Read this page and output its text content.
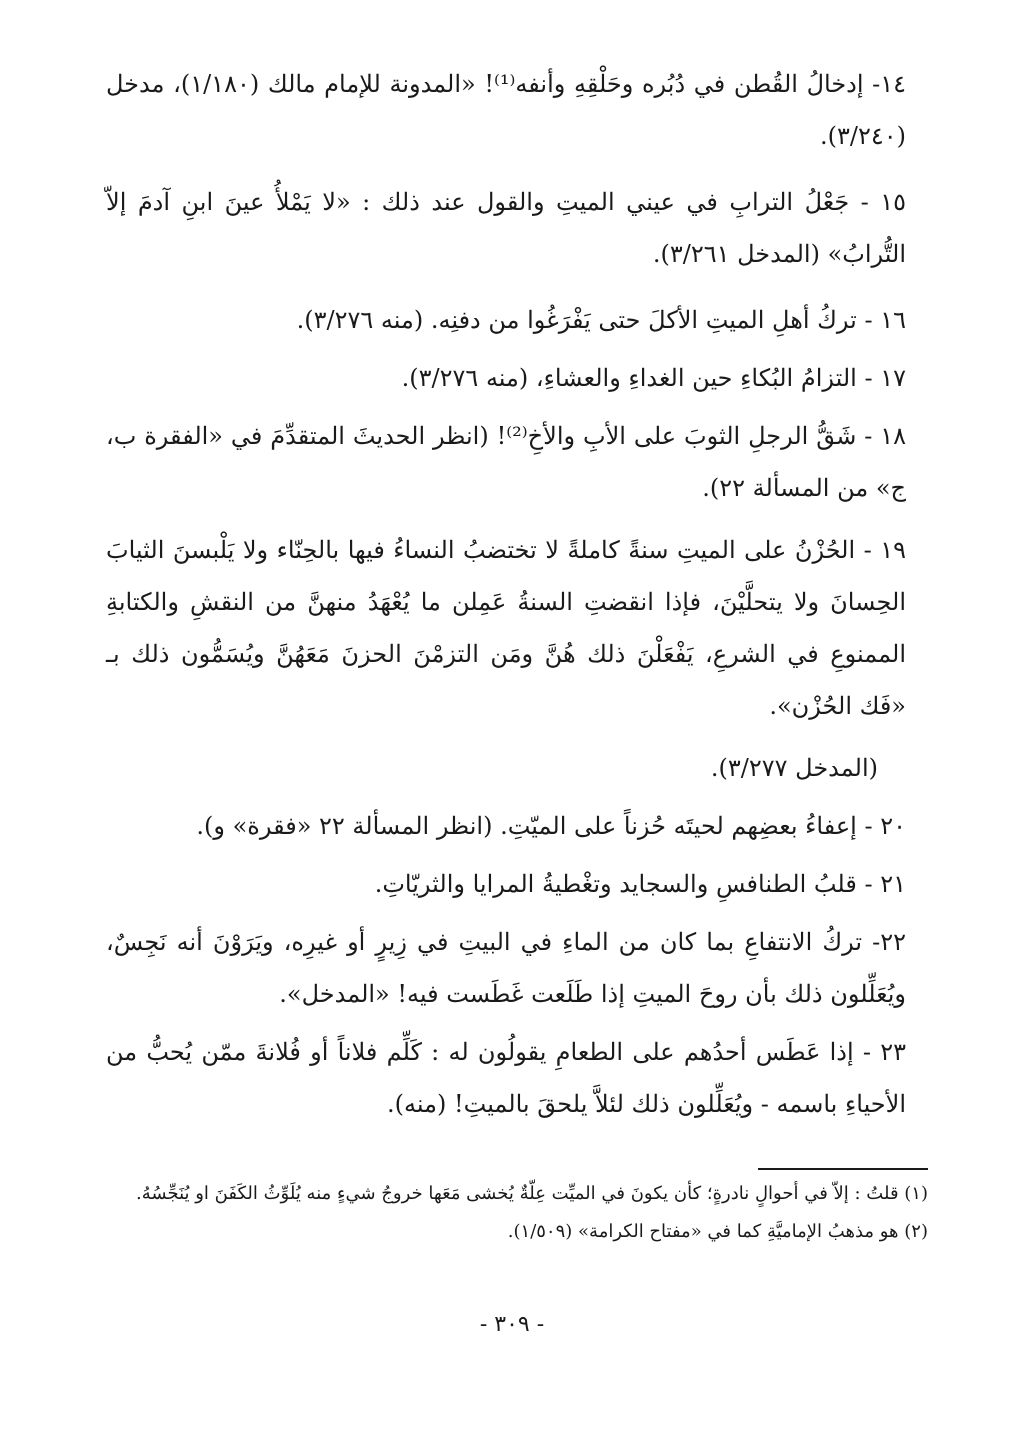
١٤- إدخالُ القُطن في دُبُره وحَلْقِهِ وأنفه⁽¹⁾! «المدونة للإمام مالك (١/١٨٠)، مدخل (٣/٢٤٠).

١٥ - جَعْلُ الترابِ في عيني الميتِ والقول عند ذلك : «لا يَمْلأُ عينَ ابنِ آدمَ إلاّ التُّرابُ» (المدخل ٣/٢٦١).

١٦ - تركُ أهلِ الميتِ الأكلَ حتى يَفْرَغُوا من دفنِه. (منه ٣/٢٧٦).

١٧ - التزامُ البُكاءِ حين الغداءِ والعشاءِ، (منه ٣/٢٧٦).

١٨ - شَقُّ الرجلِ الثوبَ على الأبِ والأخِ⁽²⁾! (انظر الحديثَ المتقدِّمَ في «الفقرة ب، ج» من المسألة ٢٢).

١٩ - الحُزْنُ على الميتِ سنةً كاملةً لا تختضبُ النساءُ فيها بالحِنّاء ولا يَلْبسنَ الثيابَ الحِسانَ ولا يتحلَّيْنَ، فإذا انقضتِ السنةُ عَمِلن ما يُعْهَدُ منهنَّ من النقشِ والكتابةِ الممنوعِ في الشرعِ، يَفْعَلْنَ ذلك هُنَّ ومَن التزمْنَ الحزنَ مَعَهُنَّ ويُسَمُّون ذلك بـ «فَك الحُزْن».

(المدخل ٣/٢٧٧).

٢٠ - إعفاءُ بعضِهم لحيتَه حُزناً على الميّتِ. (انظر المسألة ٢٢ «فقرة» و).

٢١ - قلبُ الطنافسِ والسجايد وتغْطيةُ المرايا والثريّاتِ.

٢٢- تركُ الانتفاعِ بما كان من الماءِ في البيتِ في زِيرٍ أو غيرِه، ويَرَوْنَ أنه نَجِسٌ، ويُعَلِّلون ذلك بأن روحَ الميتِ إذا طَلَعت غَطَست فيه! «المدخل».

٢٣ - إذا عَطَس أحدُهم على الطعامِ يقولُون له : كَلِّم فلاناً أو فُلانةَ ممّن يُحبُّ من الأحياءِ باسمه - ويُعَلِّلون ذلك لئلاَّ يلحقَ بالميتِ! (منه).

(١) قلتُ : إلاّ في أحوالٍ نادرةٍ؛ كأن يكونَ في الميِّت عِلّةٌ يُخشى مَعَها خروجُ شيءٍ منه يُلَوِّثُ الكَفَنَ او يُنَجِّسُهُ.

(٢) هو مذهبُ الإماميَّةِ كما في «مفتاح الكرامة» (١/٥٠٩).

- ٣٠٩ -
